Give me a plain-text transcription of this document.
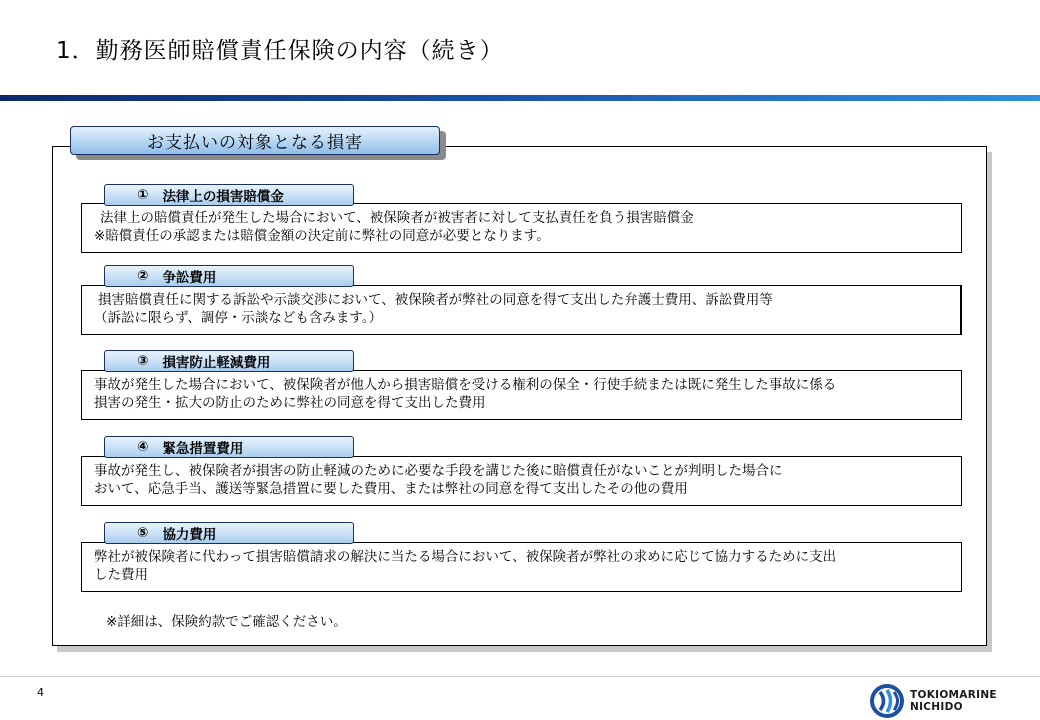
1．勤務医師賠償責任保険の内容（続き）
お支払いの対象となる損害
① 法律上の損害賠償金

法律上の賠償責任が発生した場合において、被保険者が被害者に対して支払責任を負う損害賠償金

※賠償責任の承認または賠償金額の決定前に弊社の同意が必要となります。

② 争訟費用

損害賠償責任に関する訴訟や示談交渉において、被保険者が弊社の同意を得て支出した弁護士費用、訴訟費用等

（訴訟に限らず、調停・示談なども含みます。）

③ 損害防止軽減費用

事故が発生した場合において、被保険者が他人から損害賠償を受ける権利の保全・行使手続または既に発生した事故に係る

損害の発生・拡大の防止のために弊社の同意を得て支出した費用

④ 緊急措置費用

事故が発生し、被保険者が損害の防止軽減のために必要な手段を講じた後に賠償責任がないことが判明した場合に

おいて、応急手当、護送等緊急措置に要した費用、または弊社の同意を得て支出したその他の費用

⑤ 協力費用

弊社が被保険者に代わって損害賠償請求の解決に当たる場合において、被保険者が弊社の求めに応じて協力するために支出

した費用

※詳細は、保険約款でご確認ください。
4	TOKIOMARINE
NICHIDO
